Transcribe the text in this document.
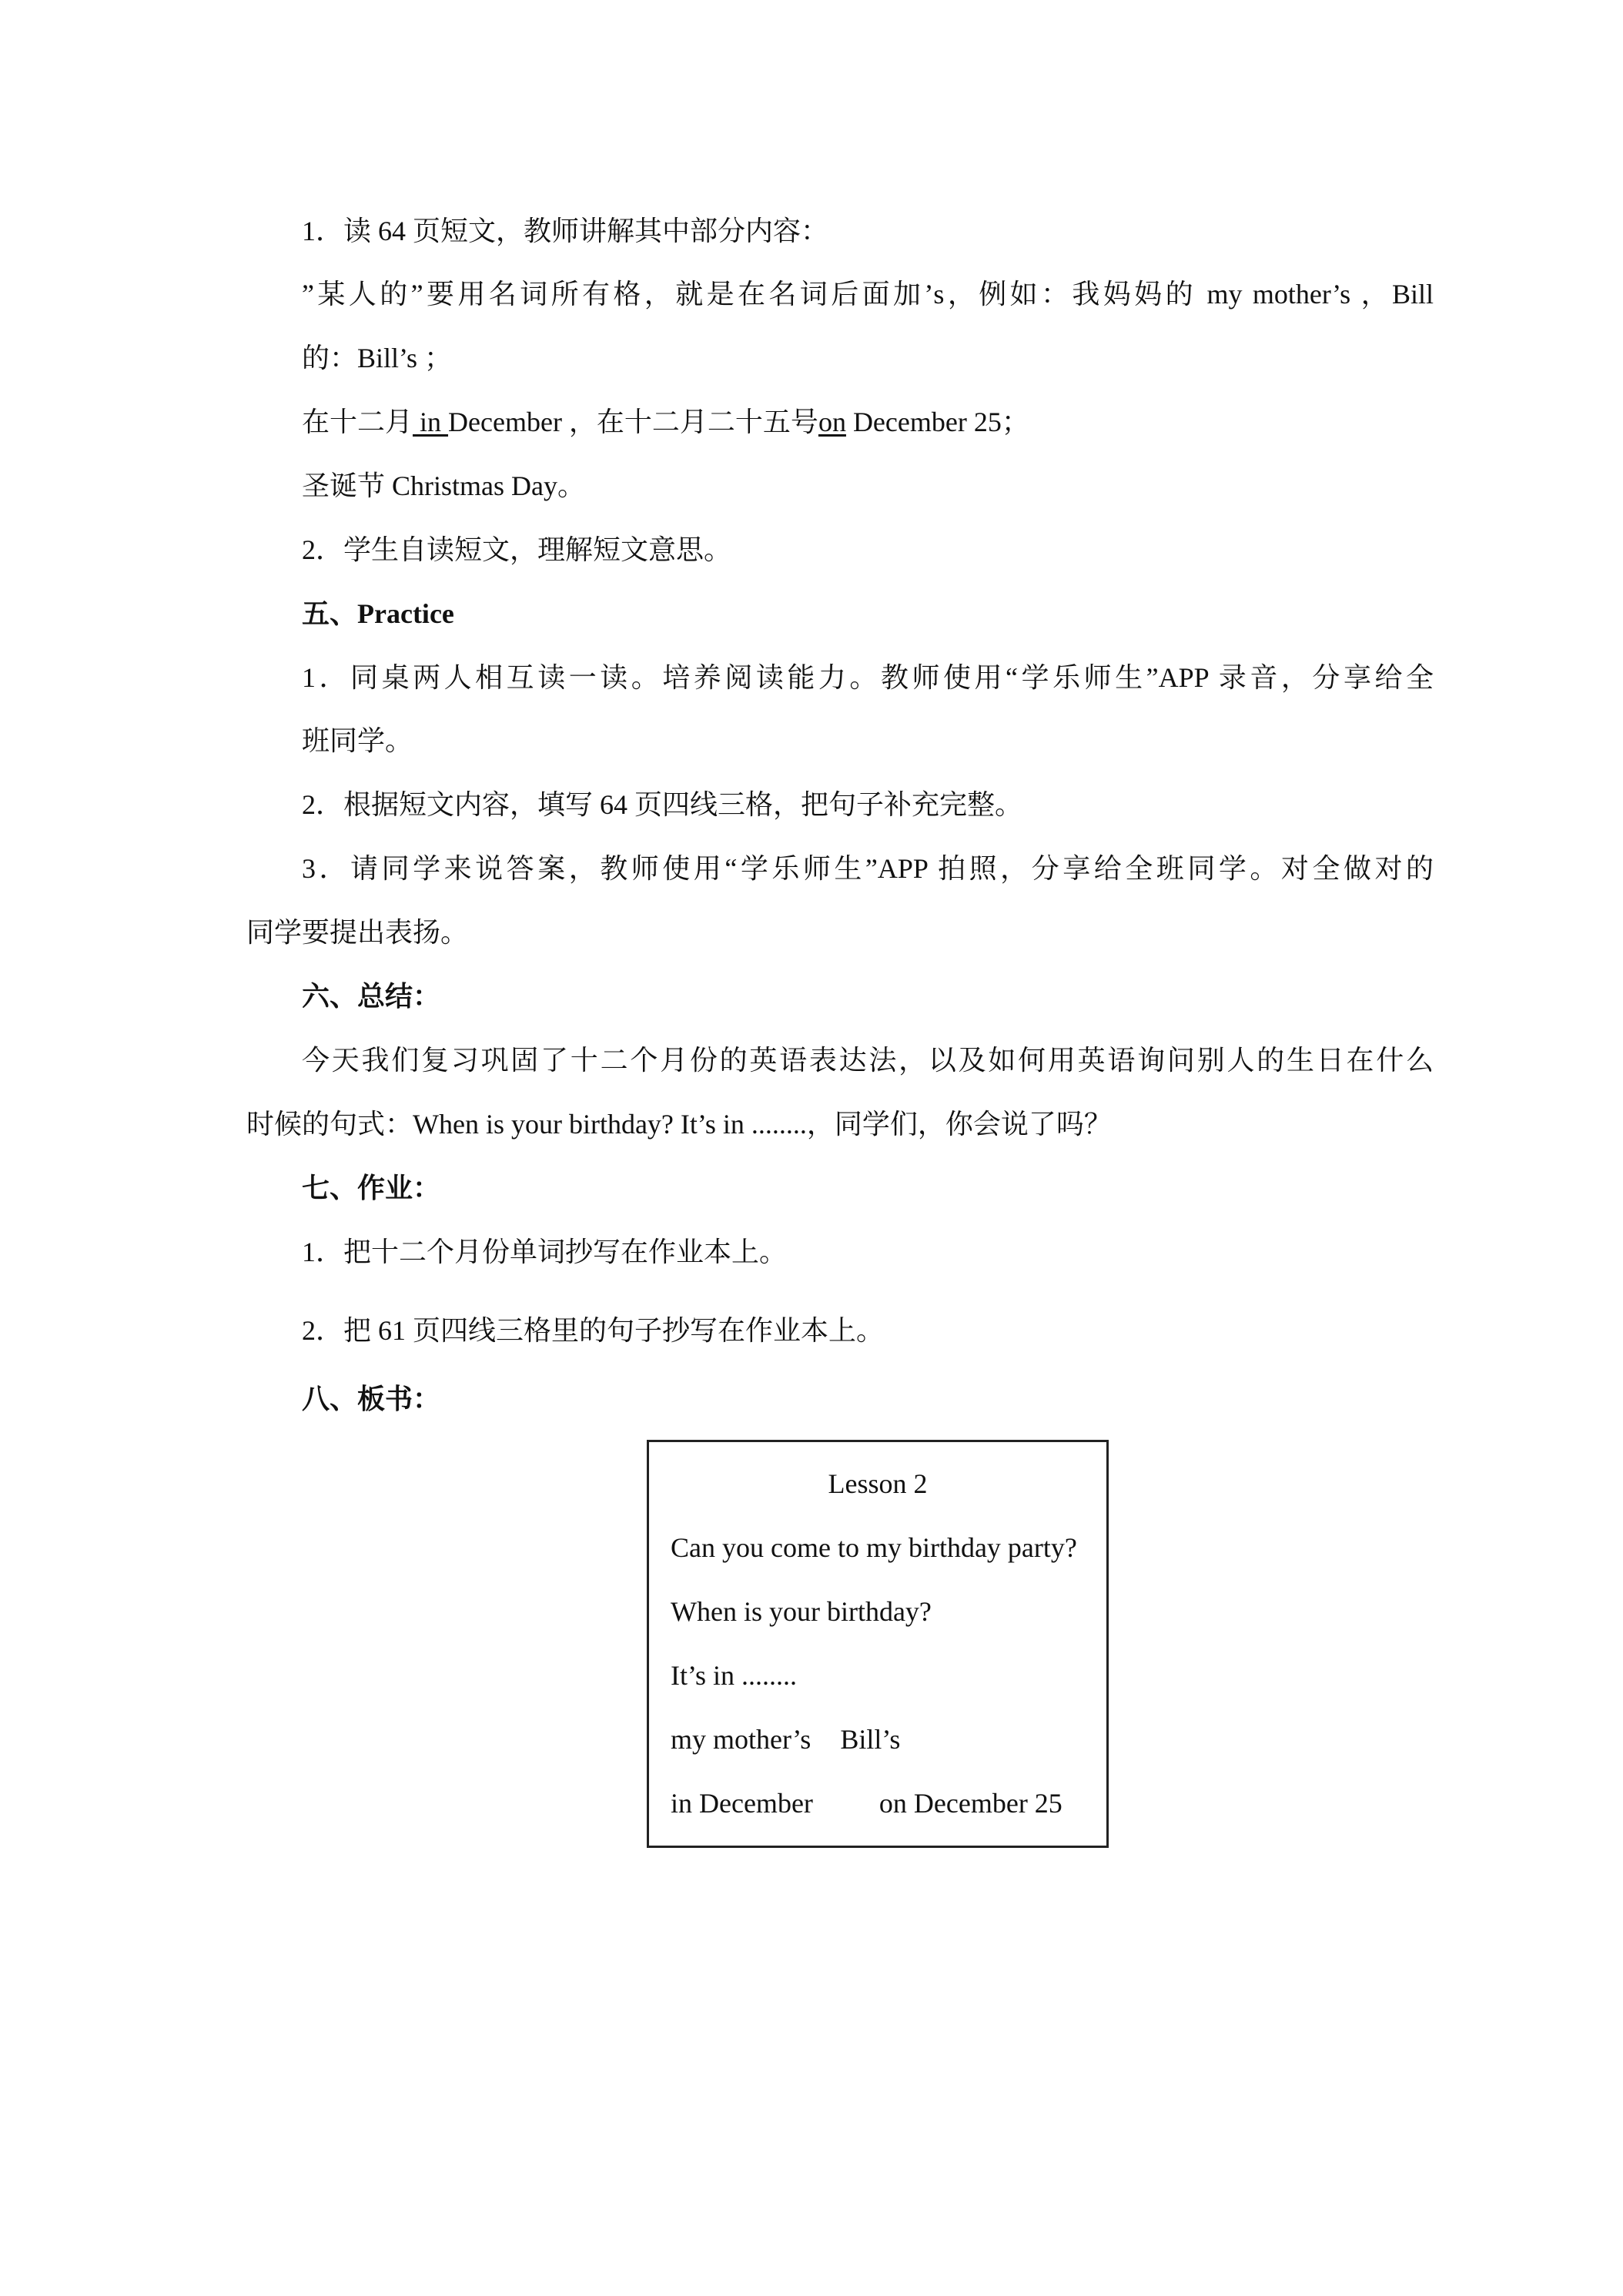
1．读 64 页短文，教师讲解其中部分内容：
”某人的”要用名词所有格，就是在名词后面加’s，例如：我妈妈的 my mother’s ，Bill
的：Bill’s ；
在十二月 in December ，在十二月二十五号on December 25；
圣诞节 Christmas Day。
2．学生自读短文，理解短文意思。
五、Practice
1．同桌两人相互读一读。培养阅读能力。教师使用“学乐师生”APP 录音，分享给全
班同学。
2．根据短文内容，填写 64 页四线三格，把句子补充完整。
3．请同学来说答案，教师使用“学乐师生”APP 拍照，分享给全班同学。对全做对的
同学要提出表扬。
六、总结：
今天我们复习巩固了十二个月份的英语表达法，以及如何用英语询问别人的生日在什么
时候的句式：When is your birthday? It’s in ........，同学们，你会说了吗？
七、作业：
1．把十二个月份单词抄写在作业本上。
2．把 61 页四线三格里的句子抄写在作业本上。
八、板书：
Lesson 2
Can you come to my birthday party?
When is your birthday?
It’s in ........
my mother’s Bill’s
in December on December 25
